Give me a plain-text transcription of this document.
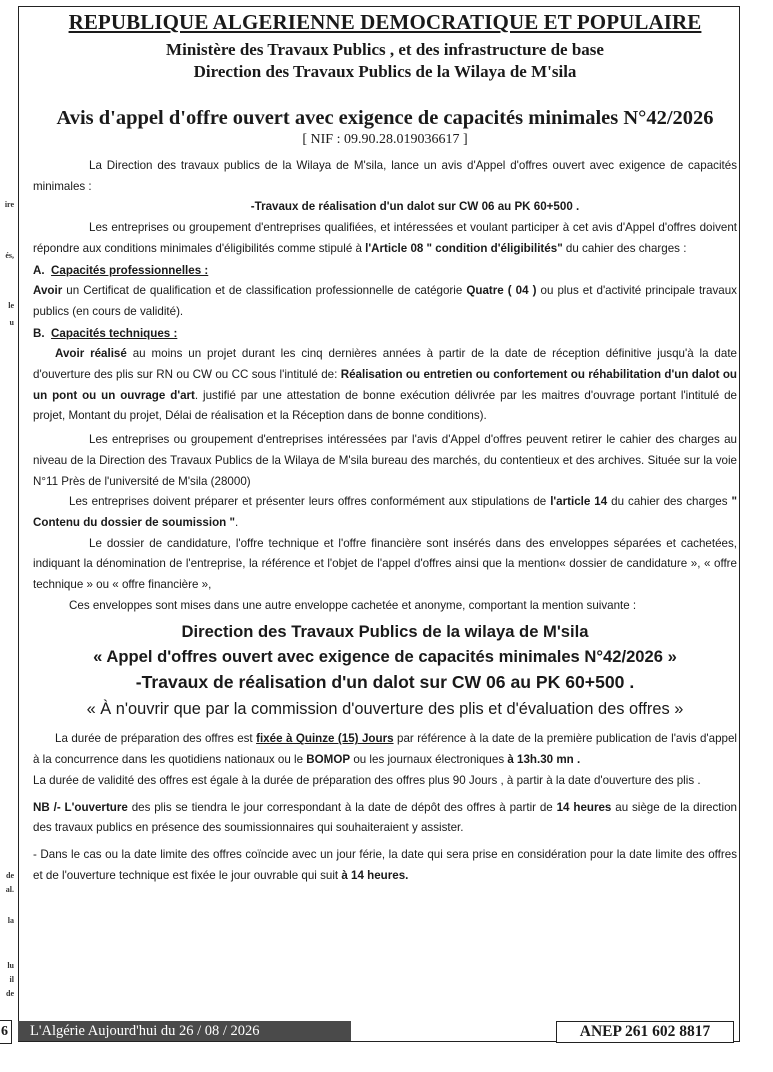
ire
és,
le
u
de
al.
la
lu
il
de
6
REPUBLIQUE ALGERIENNE DEMOCRATIQUE ET POPULAIRE
Ministère des Travaux Publics , et des infrastructure de base
Direction des Travaux Publics de la Wilaya de M'sila
Avis d'appel d'offre ouvert avec exigence de capacités minimales N°42/2026
[ NIF : 09.90.28.019036617 ]

La Direction des travaux publics de la Wilaya de M'sila, lance un avis d'Appel d'offres ouvert avec exigence de capacités minimales :

-Travaux de réalisation d'un dalot sur CW 06 au PK 60+500 .

Les entreprises ou groupement d'entreprises qualifiées, et intéressées et voulant participer à cet avis d'Appel d'offres doivent répondre aux conditions minimales d'éligibilités comme stipulé à l'Article 08 " condition d'éligibilités" du cahier des charges :

A. Capacités professionnelles :

Avoir un Certificat de qualification et de classification professionnelle de catégorie Quatre ( 04 ) ou plus et d'activité principale travaux publics (en cours de validité).

B. Capacités techniques :

Avoir réalisé au moins un projet durant les cinq dernières années à partir de la date de réception définitive jusqu'à la date d'ouverture des plis sur RN ou CW ou CC sous l'intitulé de: Réalisation ou entretien ou confortement ou réhabilitation d'un dalot ou un pont ou un ouvrage d'art. justifié par une attestation de bonne exécution délivrée par les maitres d'ouvrage portant l'intitulé de projet, Montant du projet, Délai de réalisation et la Réception dans de bonne conditions).

Les entreprises ou groupement d'entreprises intéressées par l'avis d'Appel d'offres peuvent retirer le cahier des charges au niveau de la Direction des Travaux Publics de la Wilaya de M'sila bureau des marchés, du contentieux et des archives. Située sur la voie N°11 Près de l'université de M'sila (28000)

Les entreprises doivent préparer et présenter leurs offres conformément aux stipulations de l'article 14 du cahier des charges " Contenu du dossier de soumission ".

Le dossier de candidature, l'offre technique et l'offre financière sont insérés dans des enveloppes séparées et cachetées, indiquant la dénomination de l'entreprise, la référence et l'objet de l'appel d'offres ainsi que la mention« dossier de candidature », « offre technique » ou « offre financière »,

Ces enveloppes sont mises dans une autre enveloppe cachetée et anonyme, comportant la mention suivante :

Direction des Travaux Publics de la wilaya de M'sila
« Appel d'offres ouvert avec exigence de capacités minimales N°42/2026 »
-Travaux de réalisation d'un dalot sur CW 06 au PK 60+500 .
« À n'ouvrir que par la commission d'ouverture des plis et d'évaluation des offres »

La durée de préparation des offres est fixée à Quinze (15) Jours par référence à la date de la première publication de l'avis d'appel à la concurrence dans les quotidiens nationaux ou le BOMOP ou les journaux électroniques à 13h.30 mn .

La durée de validité des offres est égale à la durée de préparation des offres plus 90 Jours , à partir à la date d'ouverture des plis .

NB /- L'ouverture des plis se tiendra le jour correspondant à la date de dépôt des offres à partir de 14 heures au siège de la direction des travaux publics en présence des soumissionnaires qui souhaiteraient y assister.

- Dans le cas ou la date limite des offres coïncide avec un jour férie, la date qui sera prise en considération pour la date limite des offres et de l'ouverture technique est fixée le jour ouvrable qui suit à 14 heures.

L'Algérie Aujourd'hui du 26 / 08 / 2026	ANEP 261 602 8817
